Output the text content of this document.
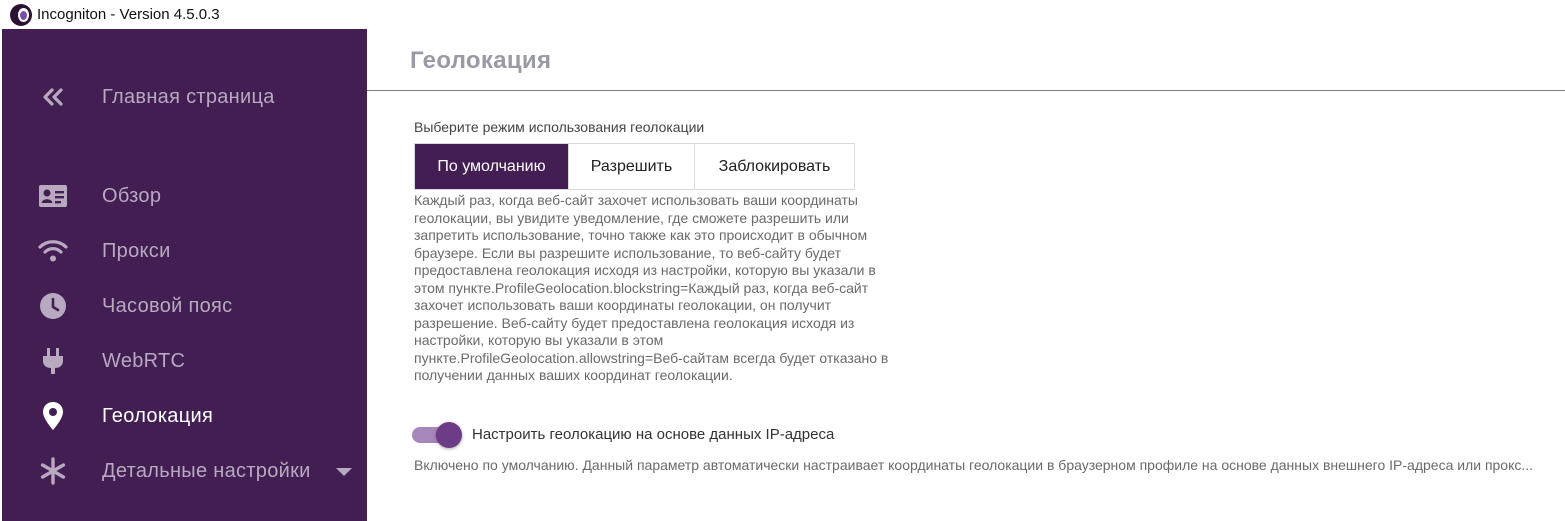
Incogniton - Version 4.5.0.3
Главная страница
Обзор
Прокси
Часовой пояс
WebRTC
Геолокация
Детальные настройки
Геолокация
Выберите режим использования геолокации
По умолчанию	Разрешить	Заблокировать

Каждый раз, когда веб-сайт захочет использовать ваши координаты геолокации, вы увидите уведомление, где сможете разрешить или запретить использование, точно также как это происходит в обычном браузере. Если вы разрешите использование, то веб-сайту будет предоставлена геолокация исходя из настройки, которую вы указали в этом пункте.ProfileGeolocation.blockstring=Каждый раз, когда веб-сайт захочет использовать ваши координаты геолокации, он получит разрешение. Веб-сайту будет предоставлена геолокация исходя из настройки, которую вы указали в этом пункте.ProfileGeolocation.allowstring=Веб-сайтам всегда будет отказано в получении данных ваших координат геолокации.

Настроить геолокацию на основе данных IP-адреса
Включено по умолчанию. Данный параметр автоматически настраивает координаты геолокации в браузерном профиле на основе данных внешнего IP-адреса или прокс...
